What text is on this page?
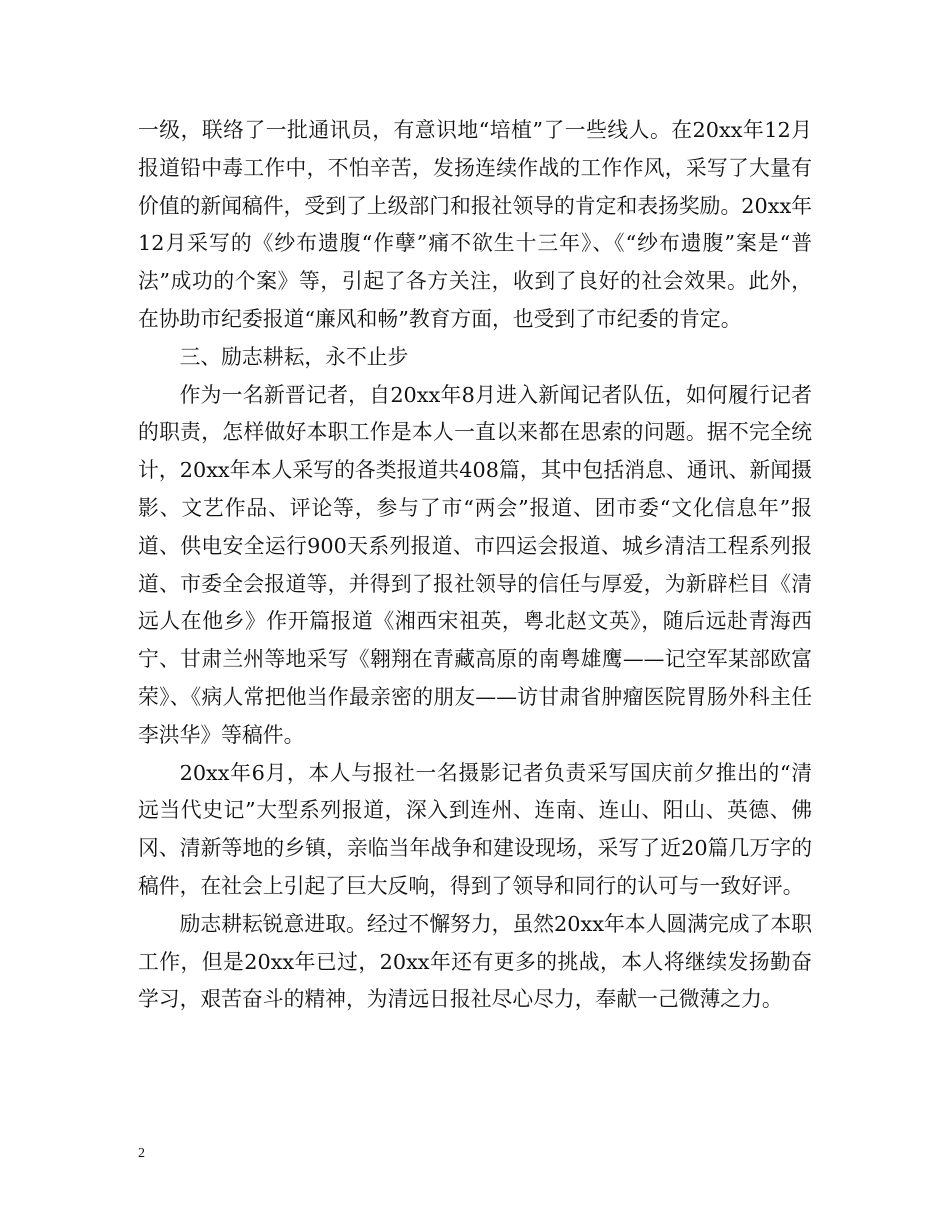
一级，联络了一批通讯员，有意识地“培植”了一些线人。在20xx年12月报道铅中毒工作中，不怕辛苦，发扬连续作战的工作作风，采写了大量有价值的新闻稿件，受到了上级部门和报社领导的肯定和表扬奖励。20xx年12月采写的《纱布遗腹“作孽”痛不欲生十三年》、《“纱布遗腹”案是“普法”成功的个案》等，引起了各方关注，收到了良好的社会效果。此外，在协助市纪委报道“廉风和畅”教育方面，也受到了市纪委的肯定。

三、励志耕耘，永不止步

作为一名新晋记者，自20xx年8月进入新闻记者队伍，如何履行记者的职责，怎样做好本职工作是本人一直以来都在思索的问题。据不完全统计，20xx年本人采写的各类报道共408篇，其中包括消息、通讯、新闻摄影、文艺作品、评论等，参与了市“两会”报道、团市委“文化信息年”报道、供电安全运行900天系列报道、市四运会报道、城乡清洁工程系列报道、市委全会报道等，并得到了报社领导的信任与厚爱，为新辟栏目《清远人在他乡》作开篇报道《湘西宋祖英，粤北赵文英》，随后远赴青海西宁、甘肃兰州等地采写《翱翔在青藏高原的南粤雄鹰——记空军某部欧富荣》、《病人常把他当作最亲密的朋友——访甘肃省肿瘤医院胃肠外科主任李洪华》等稿件。

20xx年6月，本人与报社一名摄影记者负责采写国庆前夕推出的“清远当代史记”大型系列报道，深入到连州、连南、连山、阳山、英德、佛冈、清新等地的乡镇，亲临当年战争和建设现场，采写了近20篇几万字的稿件，在社会上引起了巨大反响，得到了领导和同行的认可与一致好评。

励志耕耘锐意进取。经过不懈努力，虽然20xx年本人圆满完成了本职工作，但是20xx年已过，20xx年还有更多的挑战，本人将继续发扬勤奋学习，艰苦奋斗的精神，为清远日报社尽心尽力，奉献一己微薄之力。

2
